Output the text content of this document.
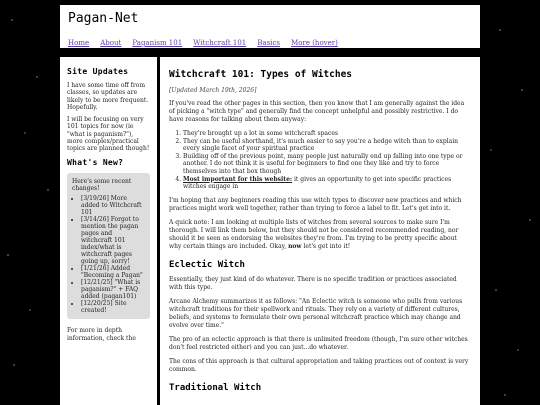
Pagan-Net
Home About Paganism 101 Witchcraft 101 Basics More (hover)
Site Updates

I have some time off from classes, so updates are likely to be more frequent. Hopefully.

I will be focusing on very 101 topics for now (ie "what is paganism?"), more complex/practical topics are planned though!

What's New?
Here's some recent changes!
• [3/19/26] More added to Witchcraft 101
• [3/14/26] Forgot to mention the pagan pages and witchcraft 101 index/what is witchcraft pages going up, sorry!
• [1/21/26] Added "Becoming a Pagan"
• [12/21/25] "What is paganism?" + FAQ added (pagan101)
• [12/20/25] Site created!

For more in depth information, check the

Witchcraft 101: Types of Witches
[Updated March 19th, 2026]

If you've read the other pages in this section, then you know that I am generally against the idea of picking a "witch type" and generally find the concept unhelpful and possibly restrictive. I do have reasons for talking about them anyway:

1. They're brought up a lot in some witchcraft spaces
2. They can be useful shorthand, it's much easier to say you're a hedge witch than to explain every single facet of your spiritual practice
3. Building off of the previous point, many people just naturally end up falling into one type or another. I do not think it is useful for beginners to find one they like and try to force themselves into that box though
4. Most important for this website: it gives an opportunity to get into specific practices witches engage in

I'm hoping that any beginners reading this use witch types to discover new practices and which practices might work well together, rather than trying to force a label to fit. Let's get into it.

A quick note: I am looking at multiple lists of witches from several sources to make sure I'm thorough. I will link them below, but they should not be considered recommended reading, nor should it be seen as endorsing the websites they're from. I'm trying to be pretty specific about why certain things are included. Okay, now let's get into it!

Eclectic Witch

Essentially, they just kind of do whatever. There is no specific tradition or practices associated with this type.

Arcane Alchemy summarizes it as follows: "An Eclectic witch is someone who pulls from various witchcraft traditions for their spellwork and rituals. They rely on a variety of different cultures, beliefs, and systems to formulate their own personal witchcraft practice which may change and evolve over time."

The pro of an eclectic approach is that there is unlimited freedom (though, I'm sure other witches don't feel restricted either) and you can just...do whatever.

The cons of this approach is that cultural appropriation and taking practices out of context is very common.

Traditional Witch
